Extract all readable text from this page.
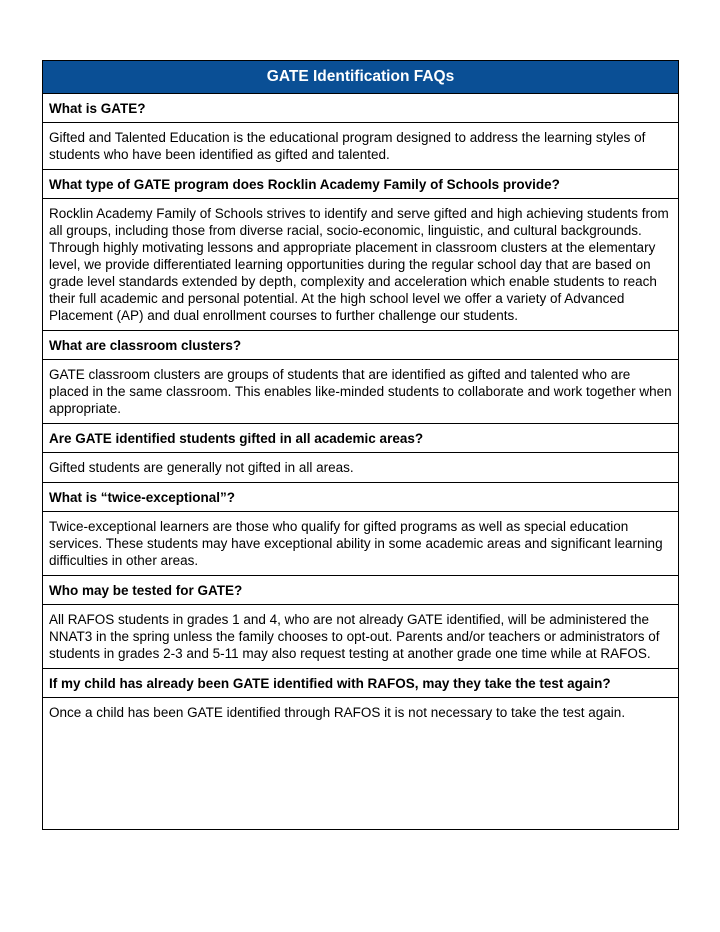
GATE Identification FAQs
What is GATE?
Gifted and Talented Education is the educational program designed to address the learning styles of students who have been identified as gifted and talented.
What type of GATE program does Rocklin Academy Family of Schools provide?
Rocklin Academy Family of Schools strives to identify and serve gifted and high achieving students from all groups, including those from diverse racial, socio-economic, linguistic, and cultural backgrounds. Through highly motivating lessons and appropriate placement in classroom clusters at the elementary level, we provide differentiated learning opportunities during the regular school day that are based on grade level standards extended by depth, complexity and acceleration which enable students to reach their full academic and personal potential. At the high school level we offer a variety of Advanced Placement (AP) and dual enrollment courses to further challenge our students.
What are classroom clusters?
GATE classroom clusters are groups of students that are identified as gifted and talented who are placed in the same classroom. This enables like-minded students to collaborate and work together when appropriate.
Are GATE identified students gifted in all academic areas?
Gifted students are generally not gifted in all areas.
What is “twice-exceptional”?
Twice-exceptional learners are those who qualify for gifted programs as well as special education services. These students may have exceptional ability in some academic areas and significant learning difficulties in other areas.
Who may be tested for GATE?
All RAFOS students in grades 1 and 4, who are not already GATE identified, will be administered the NNAT3 in the spring unless the family chooses to opt-out. Parents and/or teachers or administrators of students in grades 2-3 and 5-11 may also request testing at another grade one time while at RAFOS.
If my child has already been GATE identified with RAFOS, may they take the test again?
Once a child has been GATE identified through RAFOS it is not necessary to take the test again.
